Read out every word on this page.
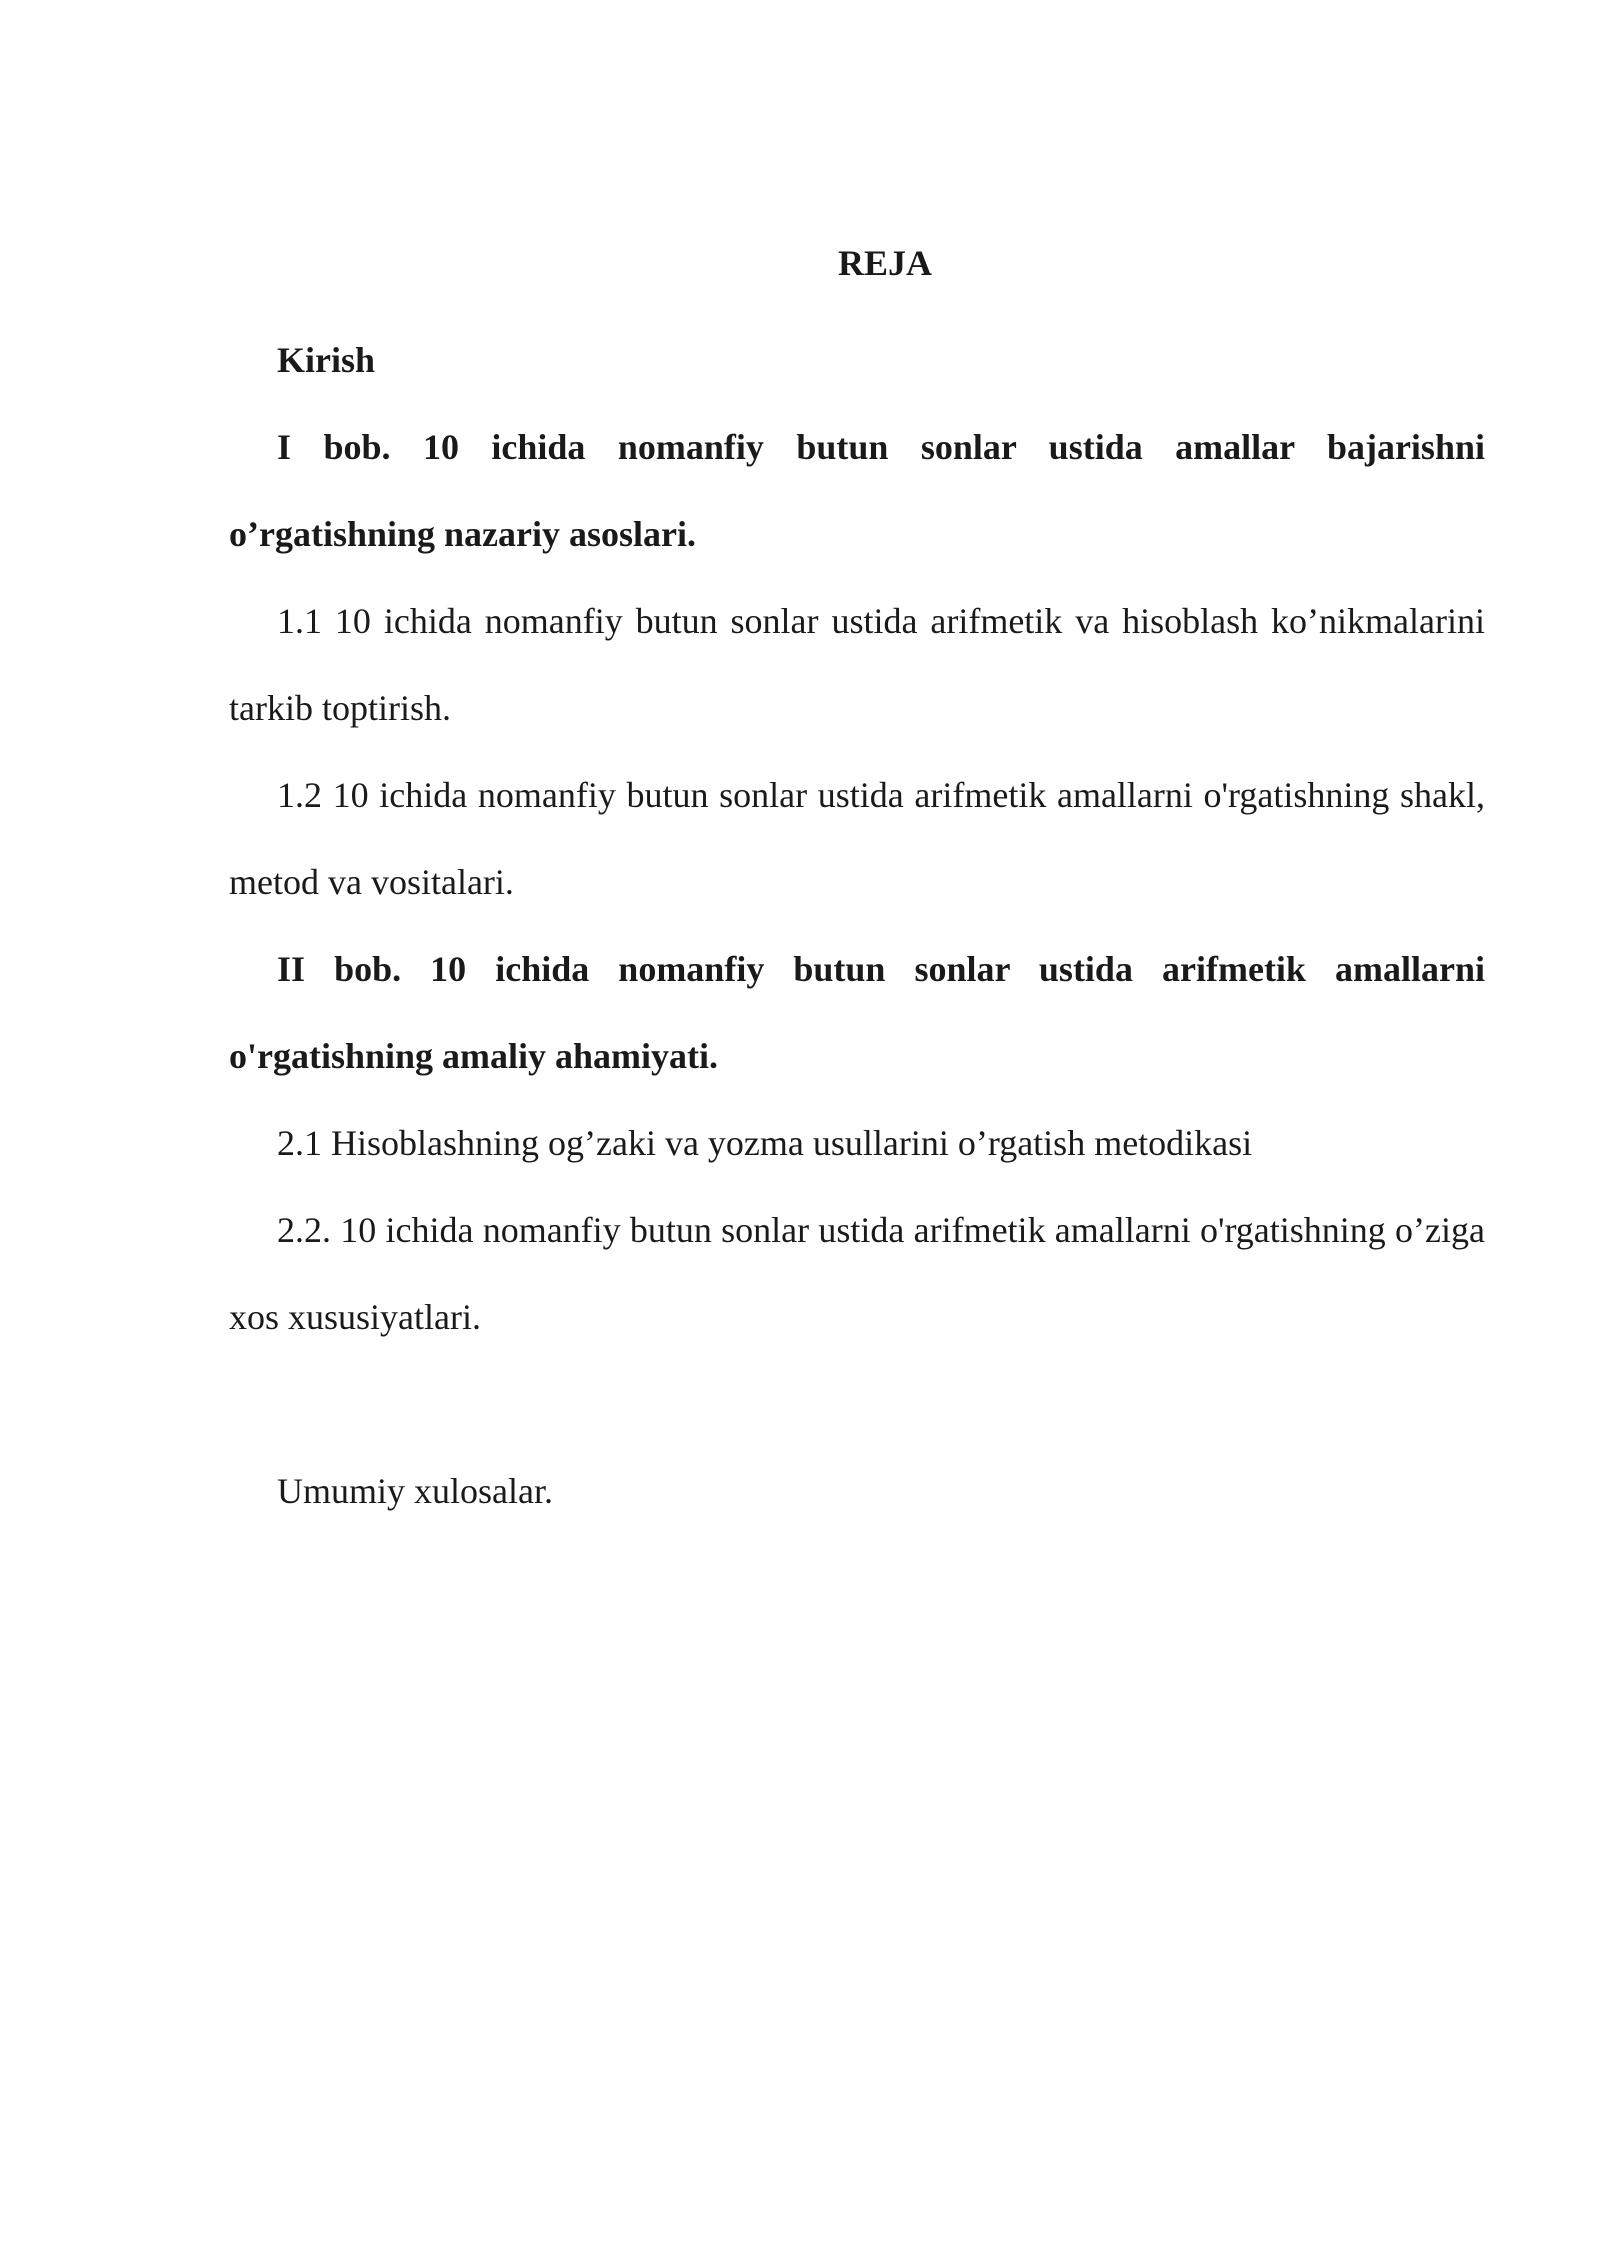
REJA

Kirish

I bob. 10 ichida nomanfiy butun sonlar ustida amallar bajarishni o’rgatishning nazariy asoslari.

1.1 10 ichida nomanfiy butun sonlar ustida arifmetik va hisoblash ko’nikmalarini tarkib toptirish.

1.2 10 ichida nomanfiy butun sonlar ustida arifmetik amallarni o'rgatishning shakl, metod va vositalari.

II bob. 10 ichida nomanfiy butun sonlar ustida arifmetik amallarni o'rgatishning amaliy ahamiyati.

2.1 Hisoblashning og’zaki va yozma usullarini o’rgatish metodikasi

2.2. 10 ichida nomanfiy butun sonlar ustida arifmetik amallarni o'rgatishning o’ziga xos xususiyatlari.

Umumiy xulosalar.
